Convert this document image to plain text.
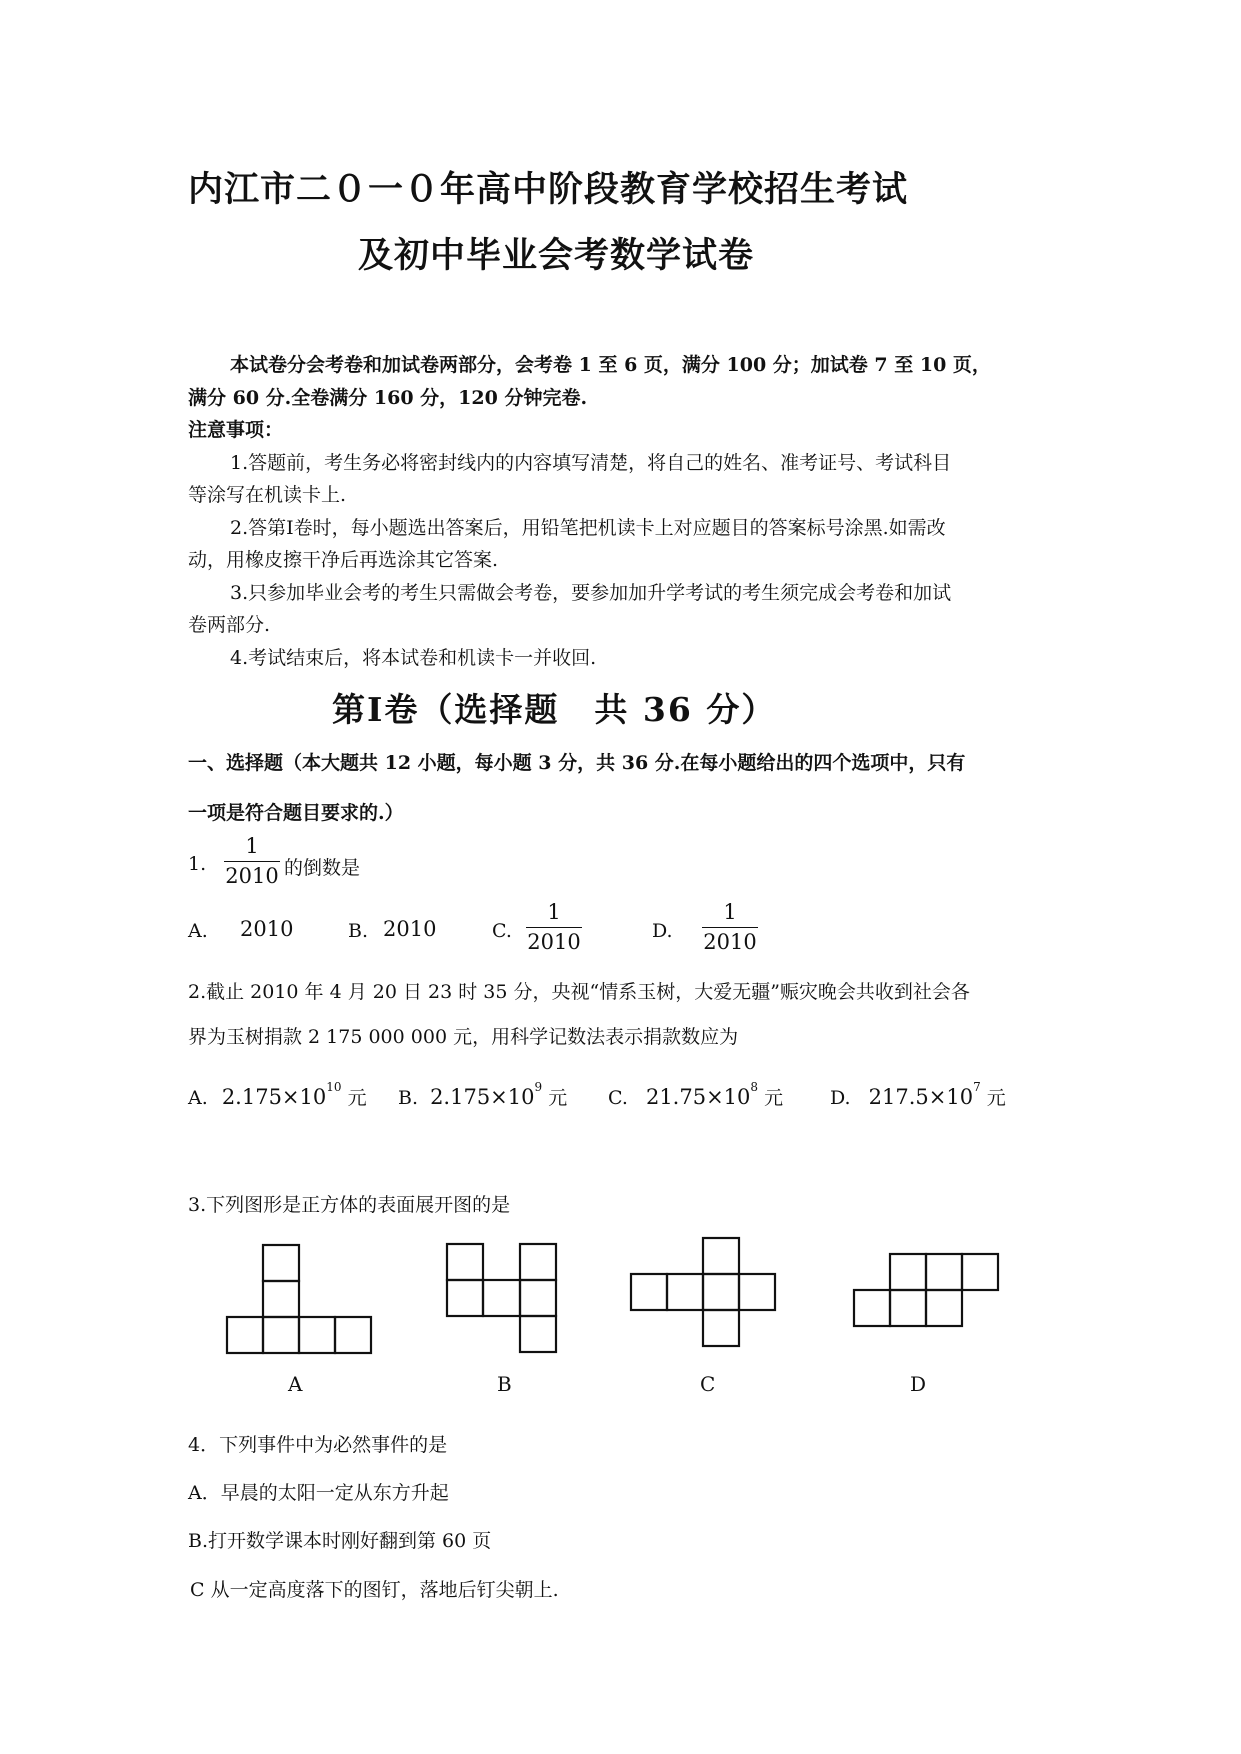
内江市二０一０年高中阶段教育学校招生考试
及初中毕业会考数学试卷
本试卷分会考卷和加试卷两部分，会考卷 1 至 6 页，满分 100 分；加试卷 7 至 10 页，
满分 60 分.全卷满分 160 分，120 分钟完卷.
注意事项：
1.答题前，考生务必将密封线内的内容填写清楚，将自己的姓名、准考证号、考试科目
等涂写在机读卡上.
2.答第Ⅰ卷时，每小题选出答案后，用铅笔把机读卡上对应题目的答案标号涂黑.如需改
动，用橡皮擦干净后再选涂其它答案.
3.只参加毕业会考的考生只需做会考卷，要参加加升学考试的考生须完成会考卷和加试
卷两部分.
4.考试结束后，将本试卷和机读卡一并收回.
第Ⅰ卷（选择题　共 36 分）
一、选择题（本大题共 12 小题，每小题 3 分，共 36 分.在每小题给出的四个选项中，只有
一项是符合题目要求的.）
1.
1
2010 的倒数是
A. 2010	B. 2010	C.
1
2010	D.
1
2010
2.截止 2010 年 4 月 20 日 23 时 35 分，央视“情系玉树，大爱无疆”赈灾晚会共收到社会各
界为玉树捐款 2 175 000 000 元，用科学记数法表示捐款数应为
A. $2.175\times 10^{10}$ 元 B. $2.175\times 10^9$ 元 C. $21.75\times 10^8$ 元 D. $217.5\times 10^7$ 元
3.下列图形是正方体的表面展开图的是
A	B	C	D
4．下列事件中为必然事件的是
A．早晨的太阳一定从东方升起
B.打开数学课本时刚好翻到第 60 页
C 从一定高度落下的图钉，落地后钉尖朝上.
